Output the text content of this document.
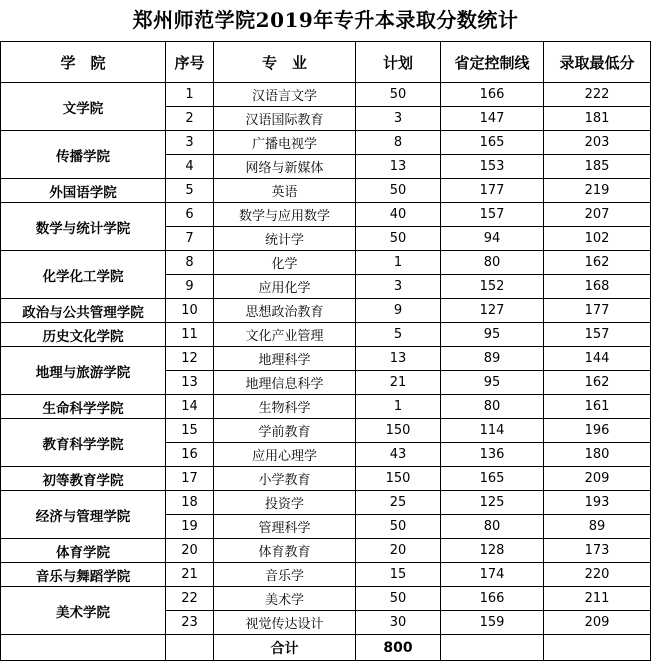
郑州师范学院2019年专升本录取分数统计
学　院	序号	专　业	计划	省定控制线	录取最低分
文学院	1	汉语言文学	50	166	222
	2	汉语国际教育	3	147	181
传播学院	3	广播电视学	8	165	203
	4	网络与新媒体	13	153	185
外国语学院	5	英语	50	177	219
数学与统计学院	6	数学与应用数学	40	157	207
	7	统计学	50	94	102
化学化工学院	8	化学	1	80	162
	9	应用化学	3	152	168
政治与公共管理学院	10	思想政治教育	9	127	177
历史文化学院	11	文化产业管理	5	95	157
地理与旅游学院	12	地理科学	13	89	144
	13	地理信息科学	21	95	162
生命科学学院	14	生物科学	1	80	161
教育科学学院	15	学前教育	150	114	196
	16	应用心理学	43	136	180
初等教育学院	17	小学教育	150	165	209
经济与管理学院	18	投资学	25	125	193
	19	管理科学	50	80	89
体育学院	20	体育教育	20	128	173
音乐与舞蹈学院	21	音乐学	15	174	220
美术学院	22	美术学	50	166	211
	23	视觉传达设计	30	159	209
		合计	800		
